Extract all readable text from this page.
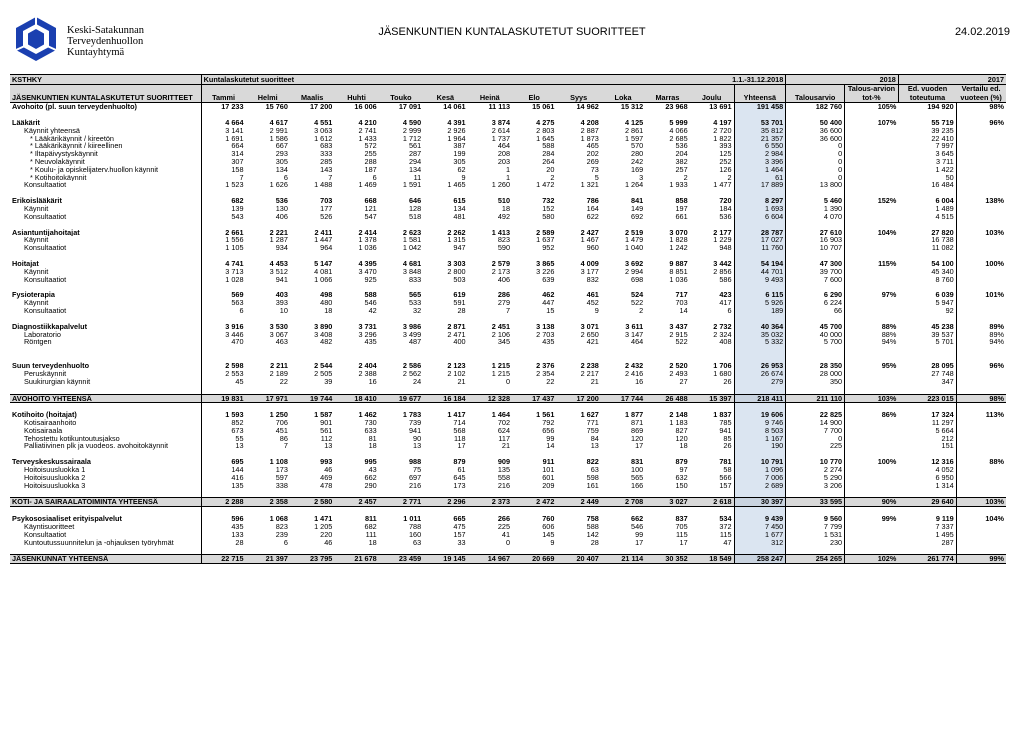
Keski-Satakunnan
Terveydenhuollon
Kuntayhtymä
JÄSENKUNTIEN KUNTALASKUTETUT SUORITTEET	24.02.2019
KSTHKY	Kuntalaskutetut suoritteet						1.1.-31.12.2018							2018		2017	
JÄSENKUNTIEN KUNTALASKUTETUT SUORITTEET	Tammi	Helmi	Maalis	Huhti	Touko	Kesä	Heinä	Elo	Syys	Loka	Marras	Joulu	Yhteensä	Talousarvio	Talous-arvion tot-%	Ed. vuoden toteutuma	Vertailu ed. vuoteen (%)
Avohoito (pl. suun terveydenhuolto)	17 233	15 760	17 200	16 006	17 091	14 061	11 113	15 061	14 962	15 312	23 968	13 691	191 458	182 760	105%	194 920	98%

Lääkärit	4 664	4 617	4 551	4 210	4 590	4 391	3 874	4 275	4 208	4 125	5 999	4 197	53 701	50 400	107%	55 719	96%
Käynnit yhteensä	3 141	2 991	3 063	2 741	2 999	2 926	2 614	2 803	2 887	2 861	4 066	2 720	35 812	36 600		39 235	
* Lääkärikäynnit / kireetön	1 691	1 586	1 612	1 433	1 712	1 964	1 737	1 645	1 873	1 597	2 685	1 822	21 357	36 600		22 410	
* Lääkärikäynnit / kiireellinen	664	667	683	572	561	387	464	588	465	570	536	393	6 550	0		7 997	
* Iltapäivystyskäynnit	314	293	333	255	287	199	208	284	202	280	204	125	2 984	0		3 645	
* Neuvolakäynnit	307	305	285	288	294	305	203	264	269	242	382	252	3 396	0		3 711	
* Koulu- ja opiskelijaterv.huollon käynnit	158	134	143	187	134	62	1	20	73	169	257	126	1 464	0		1 422	
* Kotihoitokäynnit	7	6	7	6	11	9	1	2	5	3	2	2	61	0		50	
Konsultaatiot	1 523	1 626	1 488	1 469	1 591	1 465	1 260	1 472	1 321	1 264	1 933	1 477	17 889	13 800		16 484	

Erikoislääkärit	682	536	703	668	646	615	510	732	786	841	858	720	8 297	5 460	152%	6 004	138%
Käynnit	139	130	177	121	128	134	18	152	164	149	197	184	1 693	1 390		1 489	
Konsultaatiot	543	406	526	547	518	481	492	580	622	692	661	536	6 604	4 070		4 515	

Asiantuntijahoitajat	2 661	2 221	2 411	2 414	2 623	2 262	1 413	2 589	2 427	2 519	3 070	2 177	28 787	27 610	104%	27 820	103%
Käynnit	1 556	1 287	1 447	1 378	1 581	1 315	823	1 637	1 467	1 479	1 828	1 229	17 027	16 903		16 738	
Konsultaatiot	1 105	934	964	1 036	1 042	947	590	952	960	1 040	1 242	948	11 760	10 707		11 082	

Hoitajat	4 741	4 453	5 147	4 395	4 681	3 303	2 579	3 865	4 009	3 692	9 887	3 442	54 194	47 300	115%	54 100	100%
Käynnit	3 713	3 512	4 081	3 470	3 848	2 800	2 173	3 226	3 177	2 994	8 851	2 856	44 701	39 700		45 340	
Konsultaatiot	1 028	941	1 066	925	833	503	406	639	832	698	1 036	586	9 493	7 600		8 760	

Fysioterapia	569	403	498	588	565	619	286	462	461	524	717	423	6 115	6 290	97%	6 039	101%
Käynnit	563	393	480	546	533	591	279	447	452	522	703	417	5 926	6 224		5 947	
Konsultaatiot	6	10	18	42	32	28	7	15	9	2	14	6	189	66		92	

Diagnostiikkapalvelut	3 916	3 530	3 890	3 731	3 986	2 871	2 451	3 138	3 071	3 611	3 437	2 732	40 364	45 700	88%	45 238	89%
Laboratorio	3 446	3 067	3 408	3 296	3 499	2 471	2 106	2 703	2 650	3 147	2 915	2 324	35 032	40 000	88%	39 537	89%
Röntgen	470	463	482	435	487	400	345	435	421	464	522	408	5 332	5 700	94%	5 701	94%

Suun terveydenhuolto	2 598	2 211	2 544	2 404	2 586	2 123	1 215	2 376	2 238	2 432	2 520	1 706	26 953	28 350	95%	28 095	96%
Peruskäynnit	2 553	2 189	2 505	2 388	2 562	2 102	1 215	2 354	2 217	2 416	2 493	1 680	26 674	28 000		27 748	
Suukirurgian käynnit	45	22	39	16	24	21	0	22	21	16	27	26	279	350		347	

AVOHOITO YHTEENSÄ	19 831	17 971	19 744	18 410	19 677	16 184	12 328	17 437	17 200	17 744	26 488	15 397	218 411	211 110	103%	223 015	98%

Kotihoito (hoitajat)	1 593	1 250	1 587	1 462	1 783	1 417	1 464	1 561	1 627	1 877	2 148	1 837	19 606	22 825	86%	17 324	113%
Kotisairaanhoito	852	706	901	730	739	714	702	792	771	871	1 183	785	9 746	14 900		11 297	
Kotisairaala	673	451	561	633	941	568	624	656	759	869	827	941	8 503	7 700		5 664	
Tehostettu kotikuntoutusjakso	55	86	112	81	90	118	117	99	84	120	120	85	1 167	0		212	
Palliatiivinen plk ja vuodeos. avohoitokäynnit	13	7	13	18	13	17	21	14	13	17	18	26	190	225		151	

Terveyskeskussairaala	695	1 108	993	995	988	879	909	911	822	831	879	781	10 791	10 770	100%	12 316	88%
Hoitoisuusluokka 1	144	173	46	43	75	61	135	101	63	100	97	58	1 096	2 274		4 052	
Hoitoisuusluokka 2	416	597	469	662	697	645	558	601	598	565	632	566	7 006	5 290		6 950	
Hoitoisuusluokka 3	135	338	478	290	216	173	216	209	161	166	150	157	2 689	3 206		1 314	

KOTI- JA SAIRAALATOIMINTA YHTEENSÄ	2 288	2 358	2 580	2 457	2 771	2 296	2 373	2 472	2 449	2 708	3 027	2 618	30 397	33 595	90%	29 640	103%

Psykososiaaliset erityispalvelut	596	1 068	1 471	811	1 011	665	266	760	758	662	837	534	9 439	9 560	99%	9 119	104%
Käyntisuoritteet	435	823	1 205	682	788	475	225	606	588	546	705	372	7 450	7 799		7 337	
Konsultaatiot	133	239	220	111	160	157	41	145	142	99	115	115	1 677	1 531		1 495	
Kuntoutussuunnitelun ja -ohjauksen työryhmät	28	6	46	18	63	33	0	9	28	17	17	47	312	230		287	

JÄSENKUNNAT YHTEENSÄ	22 715	21 397	23 795	21 678	23 459	19 145	14 967	20 669	20 407	21 114	30 352	18 549	258 247	254 265	102%	261 774	99%
